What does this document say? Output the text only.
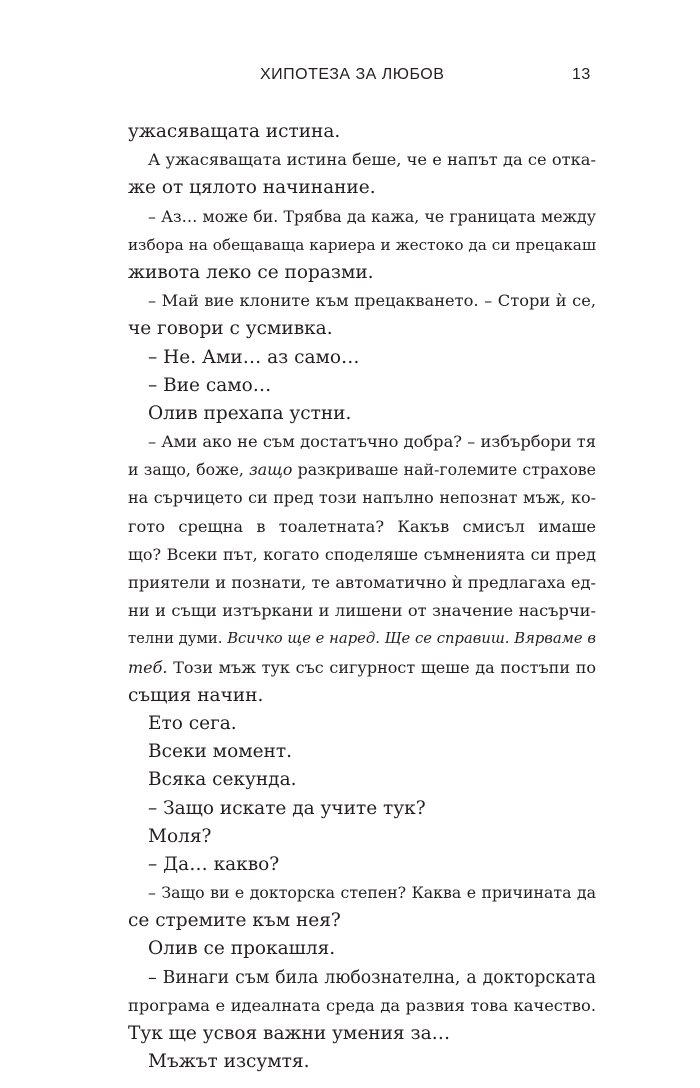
ХИПОТЕЗА ЗА ЛЮБОВ	13
ужасяващата истина.
А ужасяващата истина беше, че е напът да се отка-
же от цялото начинание.
– Аз… може би. Трябва да кажа, че границата между
избора на обещаваща кариера и жестоко да си прецакаш
живота леко се поразми.
– Май вие клоните към прецакването. – Стори ѝ се,
че говори с усмивка.
– Не. Ами… аз само…
– Вие само…
Олив прехапа устни.
– Ами ако не съм достатъчно добра? – избърбори тя
и защо, боже, защо разкриваше най-големите страхове
на сърчицето си пред този напълно непознат мъж, ко-
гото срещна в тоалетната? Какъв смисъл имаше
що? Всеки път, когато споделяше съмненията си пред
приятели и познати, те автоматично ѝ предлагаха ед-
ни и същи изтъркани и лишени от значение насърчи-
телни думи. Всичко ще е наред. Ще се справиш. Вярваме в
теб. Този мъж тук със сигурност щеше да постъпи по
същия начин.
Ето сега.
Всеки момент.
Всяка секунда.
– Защо искате да учите тук?
Моля?
– Да… какво?
– Защо ви е докторска степен? Каква е причината да
се стремите към нея?
Олив се прокашля.
– Винаги съм била любознателна, а докторската
програма е идеалната среда да развия това качество.
Тук ще усвоя важни умения за…
Мъжът изсумтя.
